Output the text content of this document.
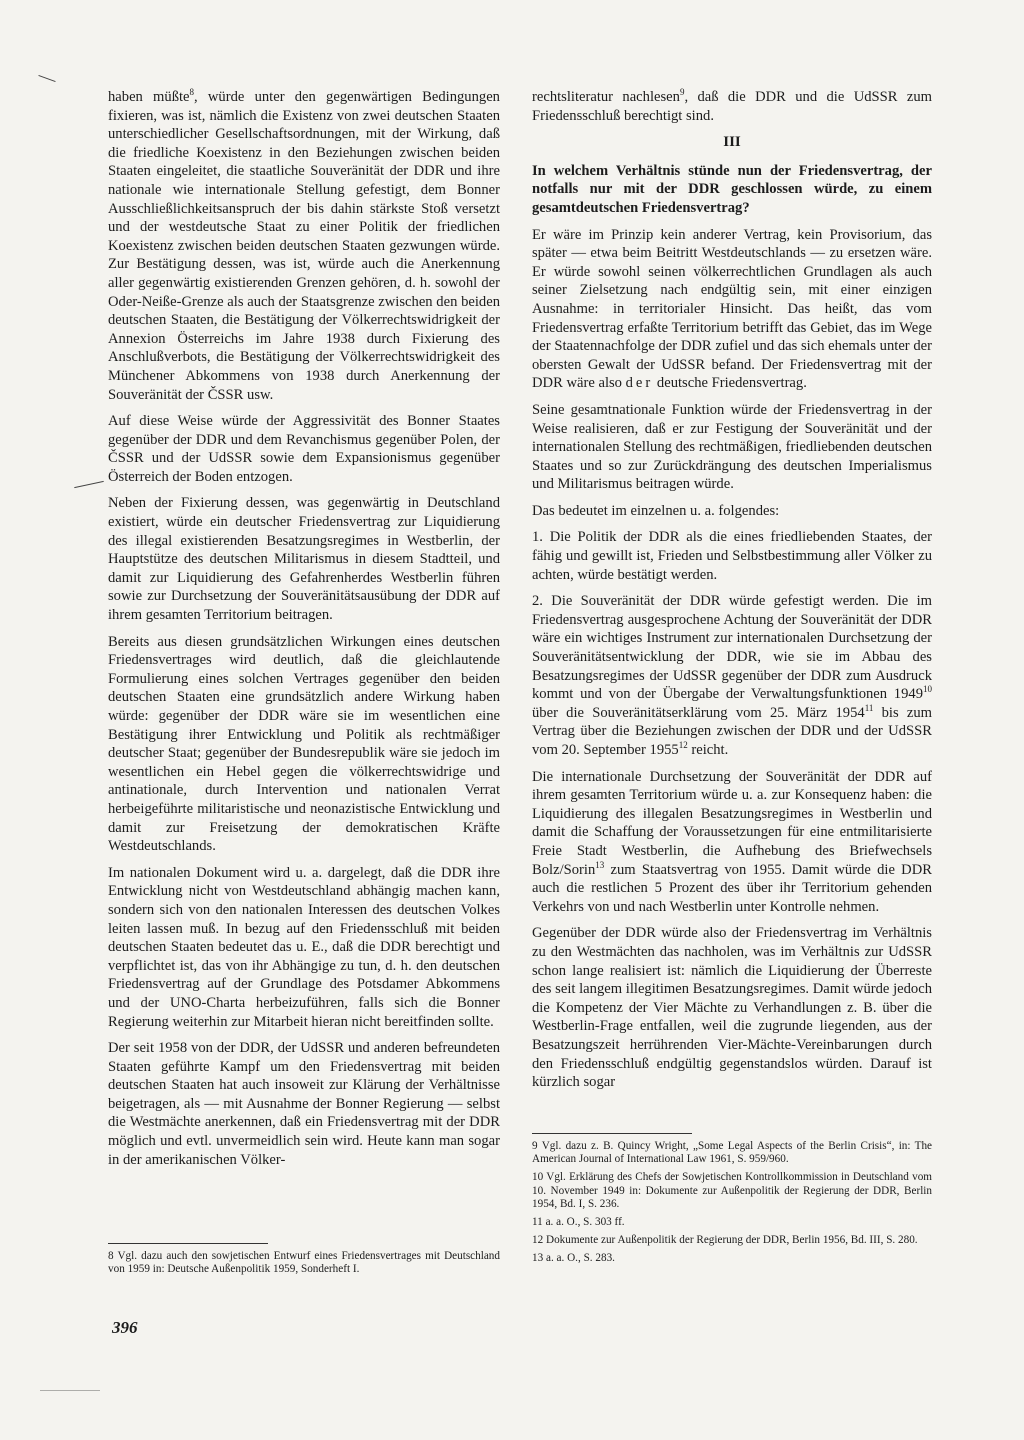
haben müßte$^8$, würde unter den gegenwärtigen Bedingungen fixieren, was ist, nämlich die Existenz von zwei deutschen Staaten unterschiedlicher Gesellschaftsordnungen, mit der Wirkung, daß die friedliche Koexistenz in den Beziehungen zwischen beiden Staaten eingeleitet, die staatliche Souveränität der DDR und ihre nationale wie internationale Stellung gefestigt, dem Bonner Ausschließlichkeitsanspruch der bis dahin stärkste Stoß versetzt und der westdeutsche Staat zu einer Politik der friedlichen Koexistenz zwischen beiden deutschen Staaten gezwungen würde. Zur Bestätigung dessen, was ist, würde auch die Anerkennung aller gegenwärtig existierenden Grenzen gehören, d. h. sowohl der Oder-Neiße-Grenze als auch der Staatsgrenze zwischen den beiden deutschen Staaten, die Bestätigung der Völkerrechtswidrigkeit der Annexion Österreichs im Jahre 1938 durch Fixierung des Anschlußverbots, die Bestätigung der Völkerrechtswidrigkeit des Münchener Abkommens von 1938 durch Anerkennung der Souveränität der ČSSR usw.

Auf diese Weise würde der Aggressivität des Bonner Staates gegenüber der DDR und dem Revanchismus gegenüber Polen, der ČSSR und der UdSSR sowie dem Expansionismus gegenüber Österreich der Boden entzogen.

Neben der Fixierung dessen, was gegenwärtig in Deutschland existiert, würde ein deutscher Friedensvertrag zur Liquidierung des illegal existierenden Besatzungsregimes in Westberlin, der Hauptstütze des deutschen Militarismus in diesem Stadtteil, und damit zur Liquidierung des Gefahrenherdes Westberlin führen sowie zur Durchsetzung der Souveränitätsausübung der DDR auf ihrem gesamten Territorium beitragen.

Bereits aus diesen grundsätzlichen Wirkungen eines deutschen Friedensvertrages wird deutlich, daß die gleichlautende Formulierung eines solchen Vertrages gegenüber den beiden deutschen Staaten eine grundsätzlich andere Wirkung haben würde: gegenüber der DDR wäre sie im wesentlichen eine Bestätigung ihrer Entwicklung und Politik als rechtmäßiger deutscher Staat; gegenüber der Bundesrepublik wäre sie jedoch im wesentlichen ein Hebel gegen die völkerrechtswidrige und antinationale, durch Intervention und nationalen Verrat herbeigeführte militaristische und neonazistische Entwicklung und damit zur Freisetzung der demokratischen Kräfte Westdeutschlands.

Im nationalen Dokument wird u. a. dargelegt, daß die DDR ihre Entwicklung nicht von Westdeutschland abhängig machen kann, sondern sich von den nationalen Interessen des deutschen Volkes leiten lassen muß. In bezug auf den Friedensschluß mit beiden deutschen Staaten bedeutet das u. E., daß die DDR berechtigt und verpflichtet ist, das von ihr Abhängige zu tun, d. h. den deutschen Friedensvertrag auf der Grundlage des Potsdamer Abkommens und der UNO-Charta herbeizuführen, falls sich die Bonner Regierung weiterhin zur Mitarbeit hieran nicht bereitfinden sollte.

Der seit 1958 von der DDR, der UdSSR und anderen befreundeten Staaten geführte Kampf um den Friedensvertrag mit beiden deutschen Staaten hat auch insoweit zur Klärung der Verhältnisse beigetragen, als — mit Ausnahme der Bonner Regierung — selbst die Westmächte anerkennen, daß ein Friedensvertrag mit der DDR möglich und evtl. unvermeidlich sein wird. Heute kann man sogar in der amerikanischen Völker-

rechtsliteratur nachlesen$^9$, daß die DDR und die UdSSR zum Friedensschluß berechtigt sind.

III

In welchem Verhältnis stünde nun der Friedensvertrag, der notfalls nur mit der DDR geschlossen würde, zu einem gesamtdeutschen Friedensvertrag?

Er wäre im Prinzip kein anderer Vertrag, kein Provisorium, das später — etwa beim Beitritt Westdeutschlands — zu ersetzen wäre. Er würde sowohl seinen völkerrechtlichen Grundlagen als auch seiner Zielsetzung nach endgültig sein, mit einer einzigen Ausnahme: in territorialer Hinsicht. Das heißt, das vom Friedensvertrag erfaßte Territorium betrifft das Gebiet, das im Wege der Staatennachfolge der DDR zufiel und das sich ehemals unter der obersten Gewalt der UdSSR befand. Der Friedensvertrag mit der DDR wäre also der deutsche Friedensvertrag.

Seine gesamtnationale Funktion würde der Friedensvertrag in der Weise realisieren, daß er zur Festigung der Souveränität und der internationalen Stellung des rechtmäßigen, friedliebenden deutschen Staates und so zur Zurückdrängung des deutschen Imperialismus und Militarismus beitragen würde.

Das bedeutet im einzelnen u. a. folgendes:

1. Die Politik der DDR als die eines friedliebenden Staates, der fähig und gewillt ist, Frieden und Selbstbestimmung aller Völker zu achten, würde bestätigt werden.

2. Die Souveränität der DDR würde gefestigt werden. Die im Friedensvertrag ausgesprochene Achtung der Souveränität der DDR wäre ein wichtiges Instrument zur internationalen Durchsetzung der Souveränitätsentwicklung der DDR, wie sie im Abbau des Besatzungsregimes der UdSSR gegenüber der DDR zum Ausdruck kommt und von der Übergabe der Verwaltungsfunktionen 1949$^{10}$ über die Souveränitätserklärung vom 25. März 1954$^{11}$ bis zum Vertrag über die Beziehungen zwischen der DDR und der UdSSR vom 20. September 1955$^{12}$ reicht.

Die internationale Durchsetzung der Souveränität der DDR auf ihrem gesamten Territorium würde u. a. zur Konsequenz haben: die Liquidierung des illegalen Besatzungsregimes in Westberlin und damit die Schaffung der Voraussetzungen für eine entmilitarisierte Freie Stadt Westberlin, die Aufhebung des Briefwechsels Bolz/Sorin$^{13}$ zum Staatsvertrag von 1955. Damit würde die DDR auch die restlichen 5 Prozent des über ihr Territorium gehenden Verkehrs von und nach Westberlin unter Kontrolle nehmen.

Gegenüber der DDR würde also der Friedensvertrag im Verhältnis zu den Westmächten das nachholen, was im Verhältnis zur UdSSR schon lange realisiert ist: nämlich die Liquidierung der Überreste des seit langem illegitimen Besatzungsregimes. Damit würde jedoch die Kompetenz der Vier Mächte zu Verhandlungen z. B. über die Westberlin-Frage entfallen, weil die zugrunde liegenden, aus der Besatzungszeit herrührenden Vier-Mächte-Vereinbarungen durch den Friedensschluß endgültig gegenstandslos würden. Darauf ist kürzlich sogar

9 Vgl. dazu z. B. Quincy Wright, „Some Legal Aspects of the Berlin Crisis“, in: The American Journal of International Law 1961, S. 959/960.

10 Vgl. Erklärung des Chefs der Sowjetischen Kontrollkommission in Deutschland vom 10. November 1949 in: Dokumente zur Außenpolitik der Regierung der DDR, Berlin 1954, Bd. I, S. 236.

11 a. a. O., S. 303 ff.

12 Dokumente zur Außenpolitik der Regierung der DDR, Berlin 1956, Bd. III, S. 280.

13 a. a. O., S. 283.

8 Vgl. dazu auch den sowjetischen Entwurf eines Friedensvertrages mit Deutschland von 1959 in: Deutsche Außenpolitik 1959, Sonderheft I.

396
